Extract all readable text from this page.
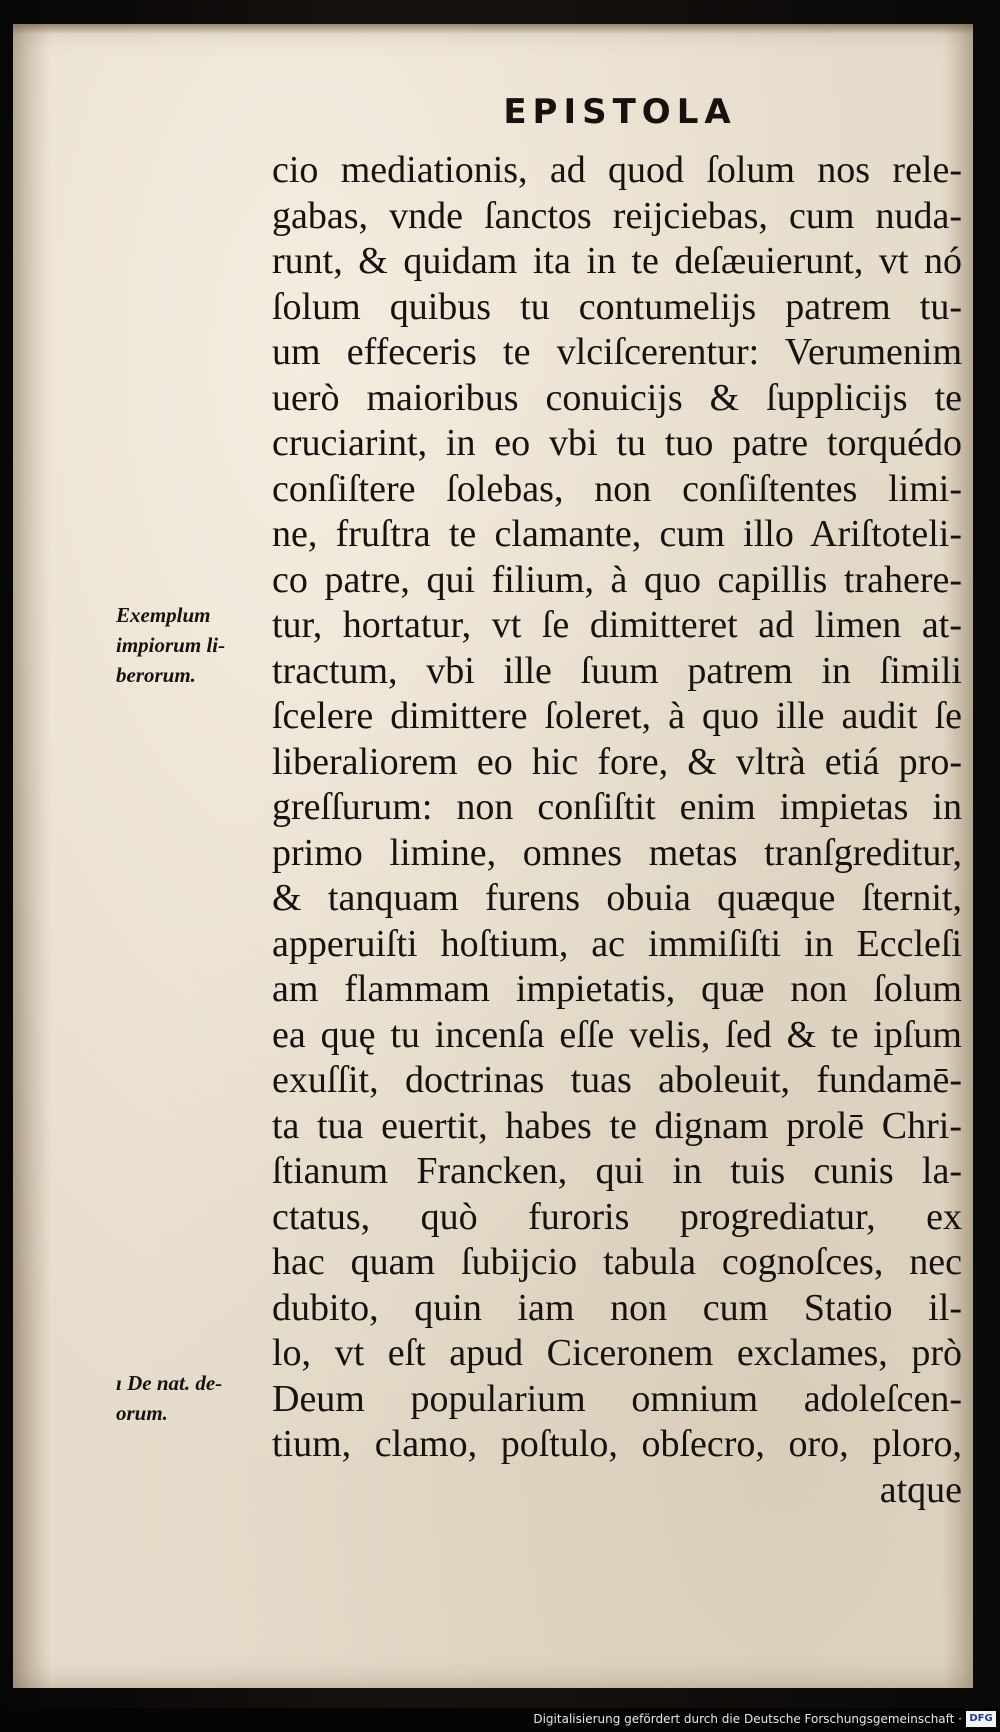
EPISTOLA
cio mediationis, ad quod ſolum nos rele-
gabas, vnde ſanctos reijciebas, cum nuda-
runt, & quidam ita in te deſæuierunt, vt nó
ſolum quibus tu contumelijs patrem tu-
um effeceris te vlciſcerentur: Verumenim
uerò maioribus conuicijs & ſupplicijs te
cruciarint, in eo vbi tu tuo patre torquédo
conſiſtere ſolebas, non conſiſtentes limi-
ne, fruſtra te clamante, cum illo Ariſtoteli-
co patre, qui filium, à quo capillis trahere-
tur, hortatur, vt ſe dimitteret ad limen at-
tractum, vbi ille ſuum patrem in ſimili
ſcelere dimittere ſoleret, à quo ille audit ſe
liberaliorem eo hic fore, & vltrà etiá pro-
greſſurum: non conſiſtit enim impietas in
primo limine, omnes metas tranſgreditur,
& tanquam furens obuia quæque ſternit,
apperuiſti hoſtium, ac immiſiſti in Eccleſi
am flammam impietatis, quæ non ſolum
ea quę tu incenſa eſſe velis, ſed & te ipſum
exuſſit, doctrinas tuas aboleuit, fundamē-
ta tua euertit, habes te dignam prolē Chri-
ſtianum Francken, qui in tuis cunis la-
ctatus, quò furoris progrediatur, ex
hac quam ſubijcio tabula cognoſces, nec
dubito, quin iam non cum Statio il-
lo, vt eſt apud Ciceronem exclames, prò
Deum popularium omnium adoleſcen-
tium, clamo, poſtulo, obſecro, oro, ploro,
atque
Exemplum
impiorum li-
berorum.
ı De nat. de-
orum.
Digitalisierung gefördert durch die Deutsche Forschungsgemeinschaft · DFG
